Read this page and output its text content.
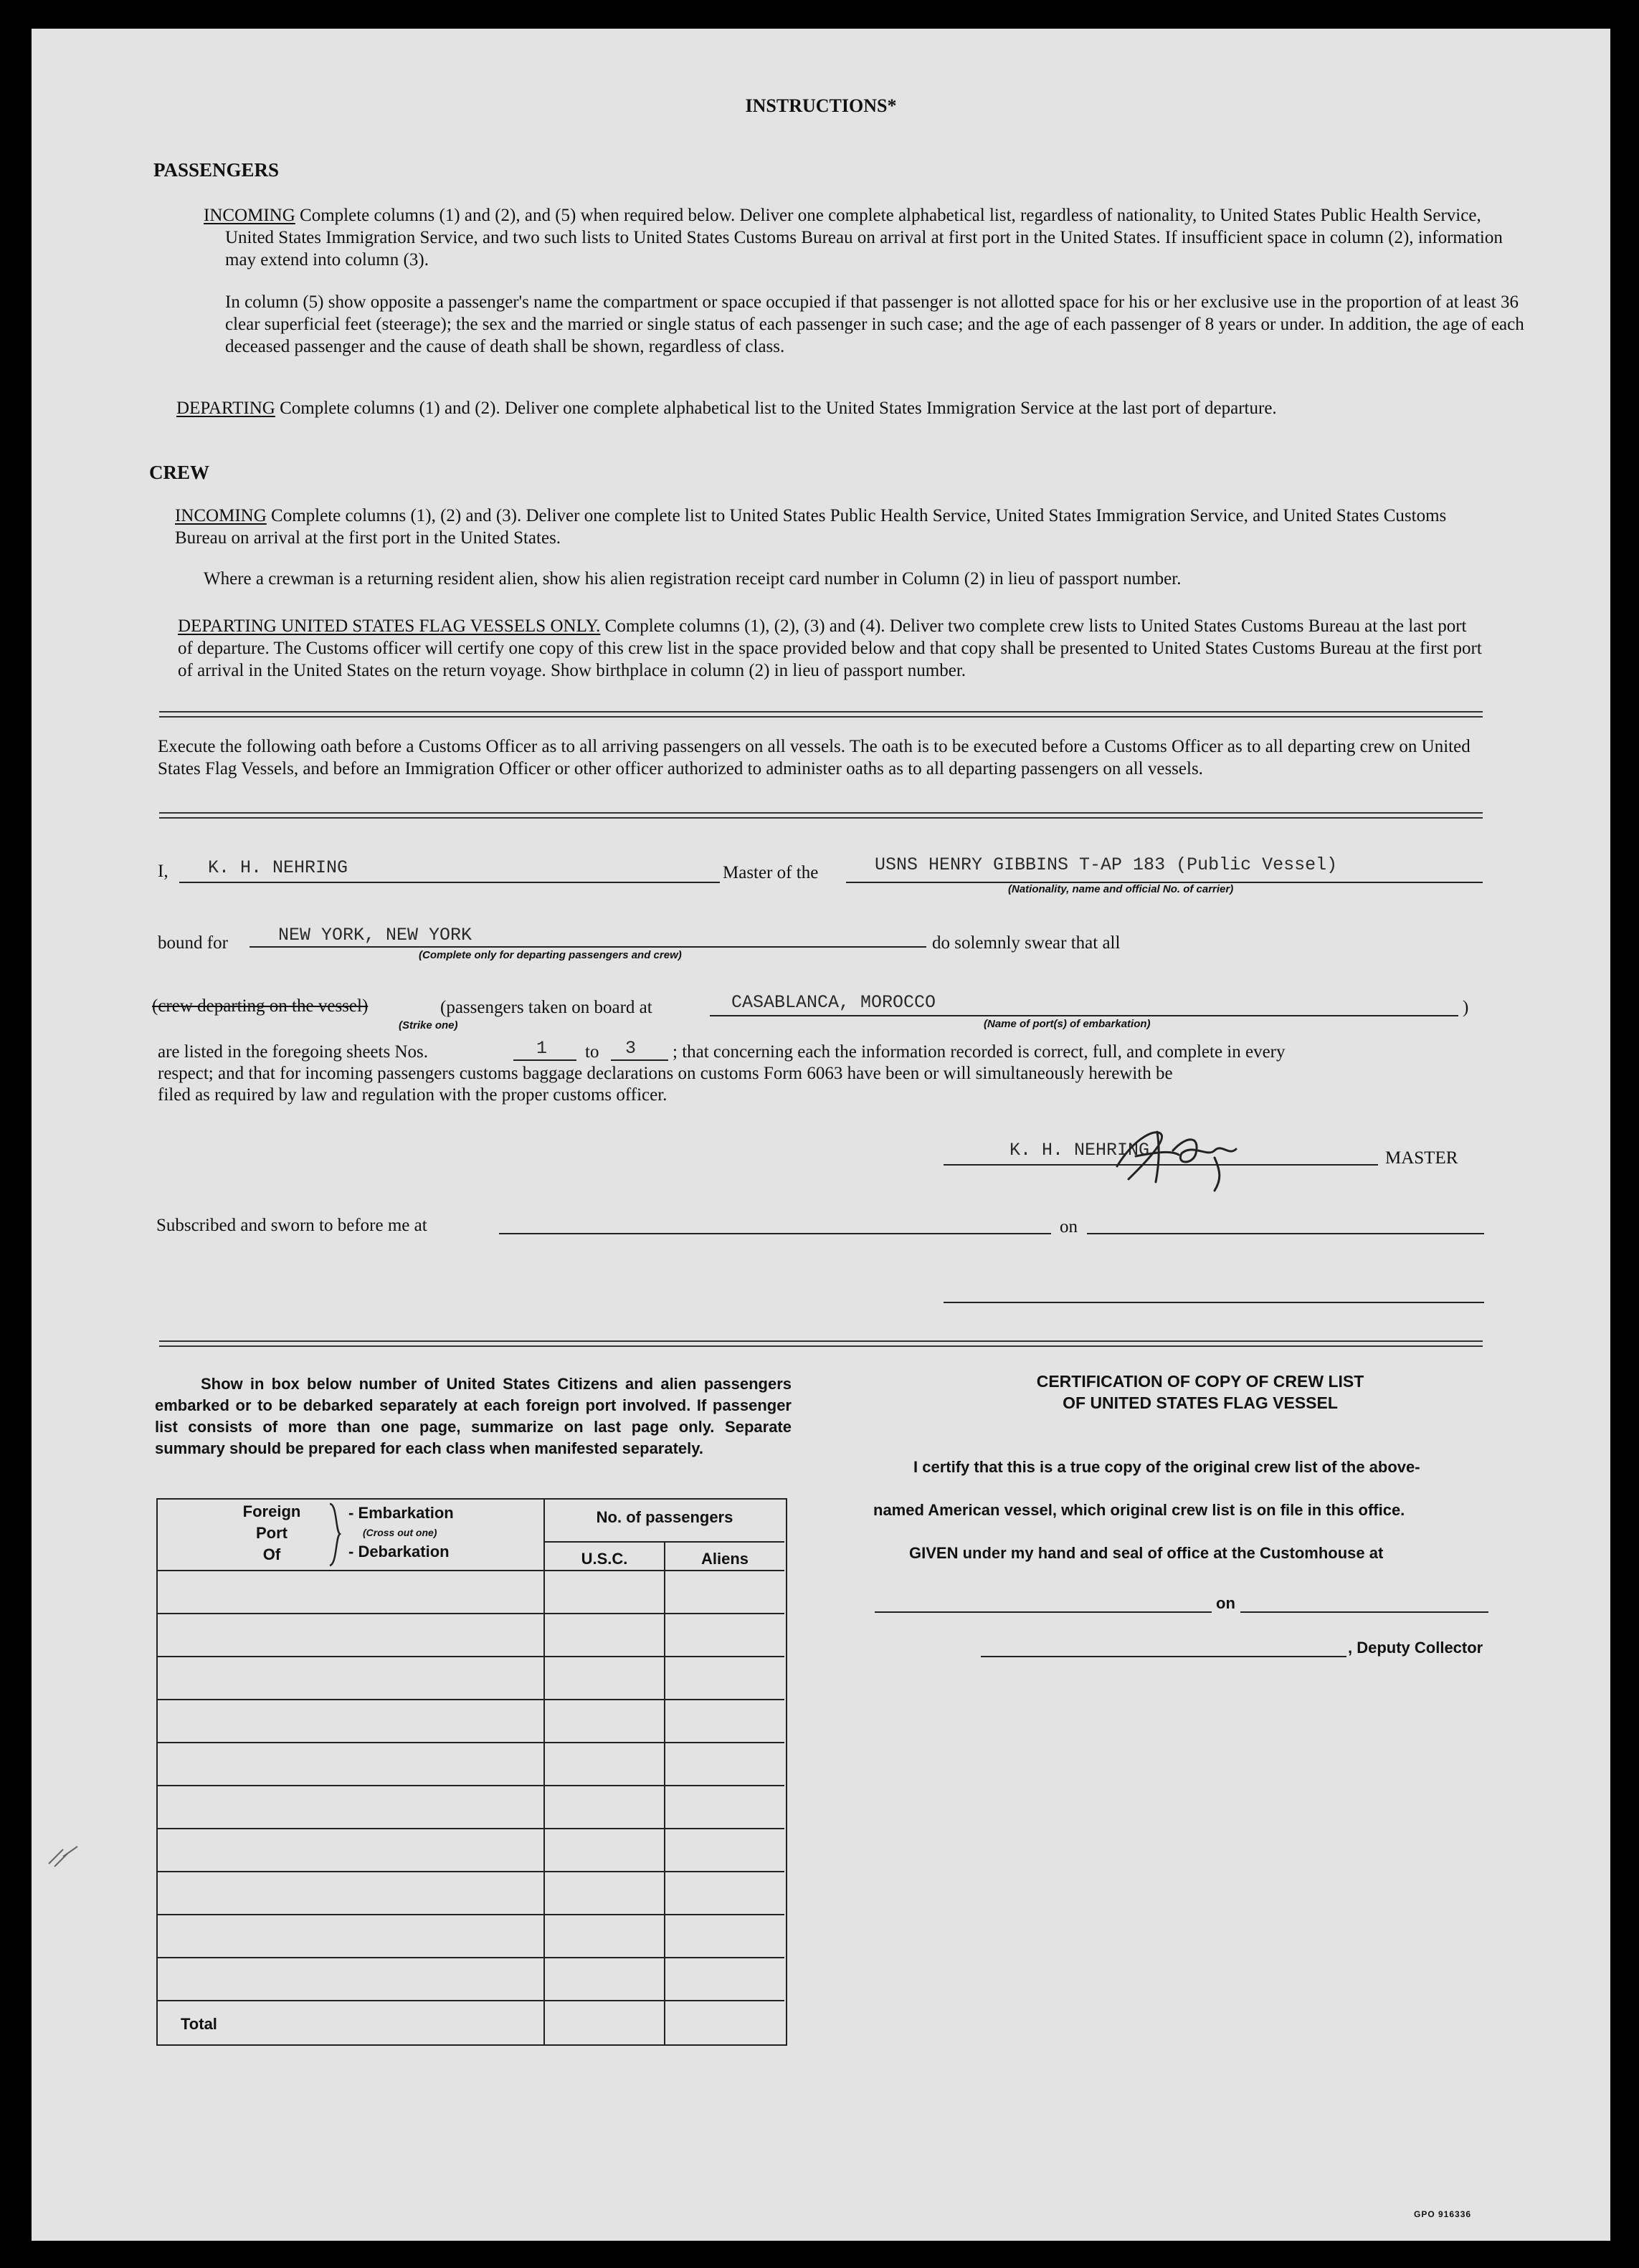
INSTRUCTIONS*
PASSENGERS
INCOMING Complete columns (1) and (2), and (5) when required below. Deliver one complete alphabetical list, regardless of nationality, to United States Public Health Service, United States Immigration Service, and two such lists to United States Customs Bureau on arrival at first port in the United States. If insufficient space in column (2), information may extend into column (3).
In column (5) show opposite a passenger's name the compartment or space occupied if that passenger is not allotted space for his or her exclusive use in the proportion of at least 36 clear superficial feet (steerage); the sex and the married or single status of each passenger in such case; and the age of each passenger of 8 years or under. In addition, the age of each deceased passenger and the cause of death shall be shown, regardless of class.
DEPARTING Complete columns (1) and (2). Deliver one complete alphabetical list to the United States Immigration Service at the last port of departure.
CREW
INCOMING Complete columns (1), (2) and (3). Deliver one complete list to United States Public Health Service, United States Immigration Service, and United States Customs Bureau on arrival at the first port in the United States.
Where a crewman is a returning resident alien, show his alien registration receipt card number in Column (2) in lieu of passport number.
DEPARTING UNITED STATES FLAG VESSELS ONLY. Complete columns (1), (2), (3) and (4). Deliver two complete crew lists to United States Customs Bureau at the last port of departure. The Customs officer will certify one copy of this crew list in the space provided below and that copy shall be presented to United States Customs Bureau at the first port of arrival in the United States on the return voyage. Show birthplace in column (2) in lieu of passport number.
Execute the following oath before a Customs Officer as to all arriving passengers on all vessels. The oath is to be executed before a Customs Officer as to all departing crew on United States Flag Vessels, and before an Immigration Officer or other officer authorized to administer oaths as to all departing passengers on all vessels.
I, K. H. NEHRING	Master of the	USNS HENRY GIBBINS T-AP 183 (Public Vessel)
(Nationality, name and official No. of carrier)
bound for	NEW YORK, NEW YORK
(Complete only for departing passengers and crew)
do solemnly swear that all
(crew departing on the vessel)
(Strike one)
(passengers taken on board at	CASABLANCA, MOROCCO
(Name of port(s) of embarkation)
)
are listed in the foregoing sheets Nos.	1 to 3 ; that concerning each the information recorded is correct, full, and complete in every
respect; and that for incoming passengers customs baggage declarations on customs Form 6063 have been or will simultaneously herewith be
filed as required by law and regulation with the proper customs officer.
K. H. NEHRING	MASTER
Subscribed and sworn to before me at	on
Show in box below number of United States Citizens and alien passengers embarked or to be debarked separately at each foreign port involved. If passenger list consists of more than one page, summarize on last page only. Separate summary should be prepared for each class when manifested separately.
Foreign
Port
Of
- Embarkation
(Cross out one)
- Debarkation
No. of passengers
U.S.C.	Aliens
Total
CERTIFICATION OF COPY OF CREW LIST
OF UNITED STATES FLAG VESSEL
I certify that this is a true copy of the original crew list of the above-
named American vessel, which original crew list is on file in this office.
GIVEN under my hand and seal of office at the Customhouse at
on
, Deputy Collector
GPO 916336
